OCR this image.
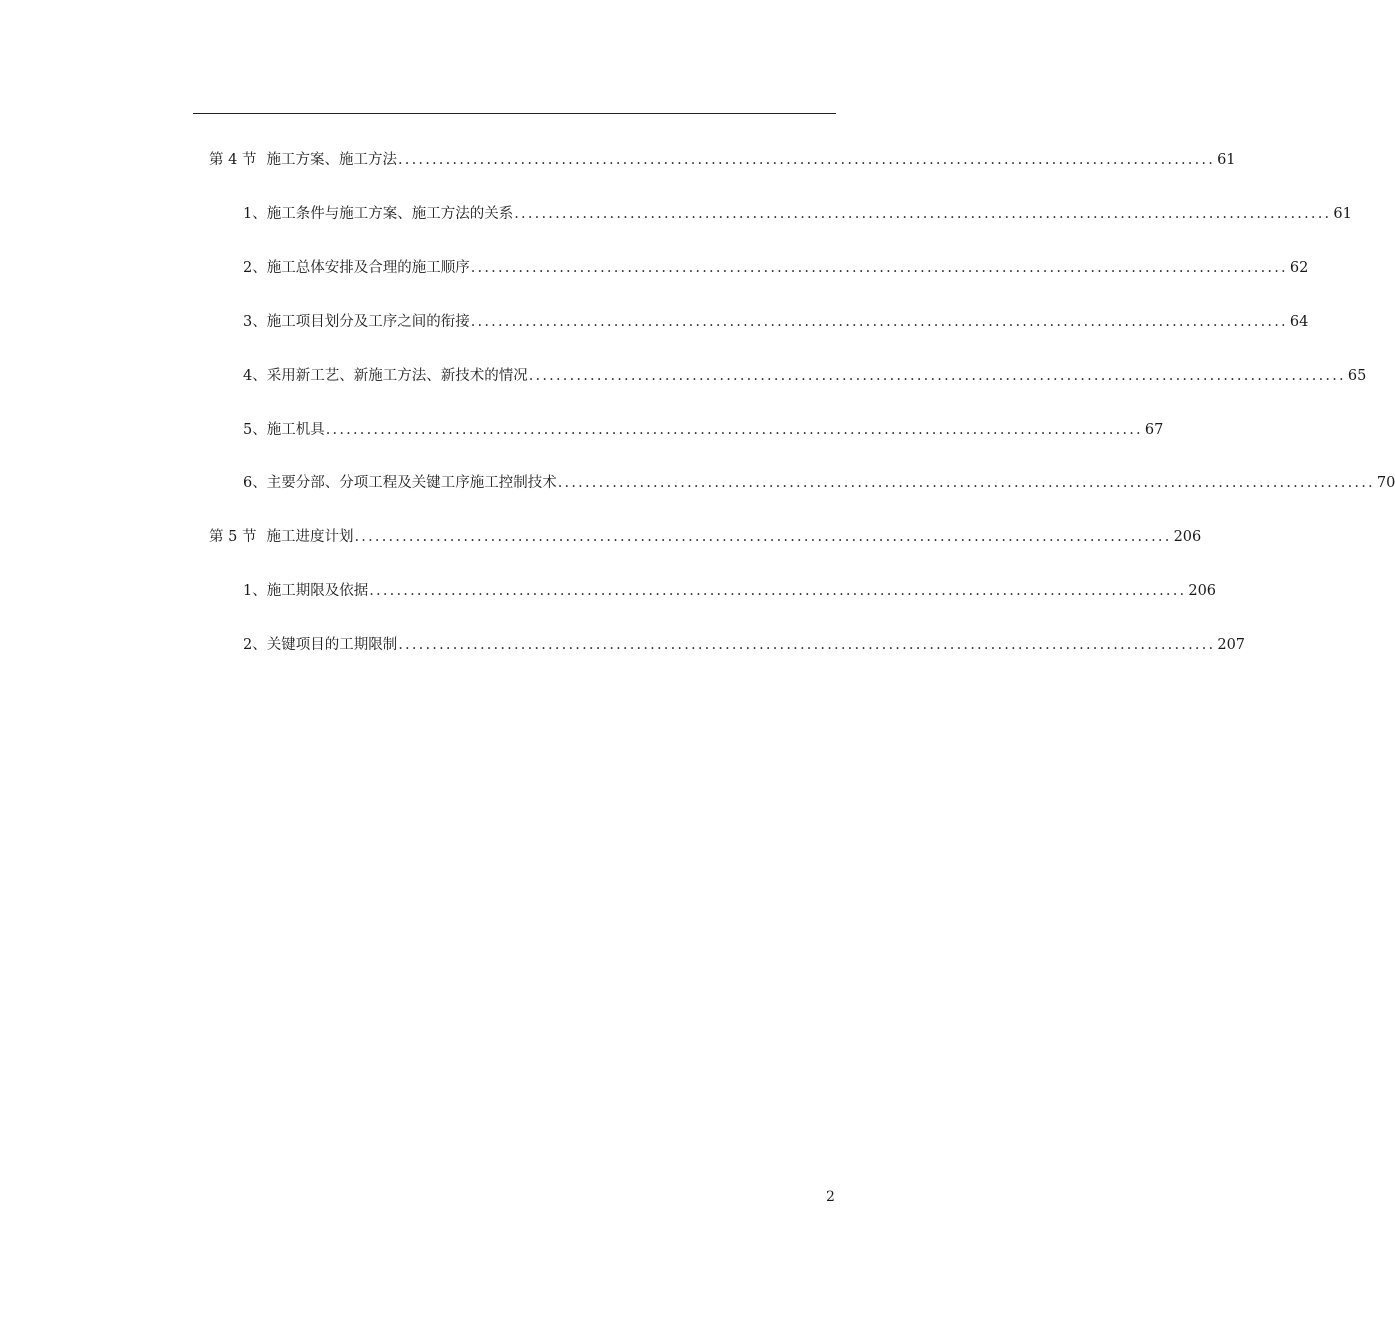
第 4 节 施工方案、施工方法 ........................................................................................................................ 61
1、 施工条件与施工方案、施工方法的关系 ........................................................................................................................ 61
2、 施工总体安排及合理的施工顺序 ........................................................................................................................ 62
3、 施工项目划分及工序之间的衔接 ........................................................................................................................ 64
4、 采用新工艺、新施工方法、新技术的情况 ........................................................................................................................ 65
5、 施工机具 ........................................................................................................................ 67
6、 主要分部、分项工程及关键工序施工控制技术 ........................................................................................................................ 70
第 5 节 施工进度计划 ........................................................................................................................ 206
1、 施工期限及依据 ........................................................................................................................ 206
2、 关键项目的工期限制 ........................................................................................................................ 207
2
